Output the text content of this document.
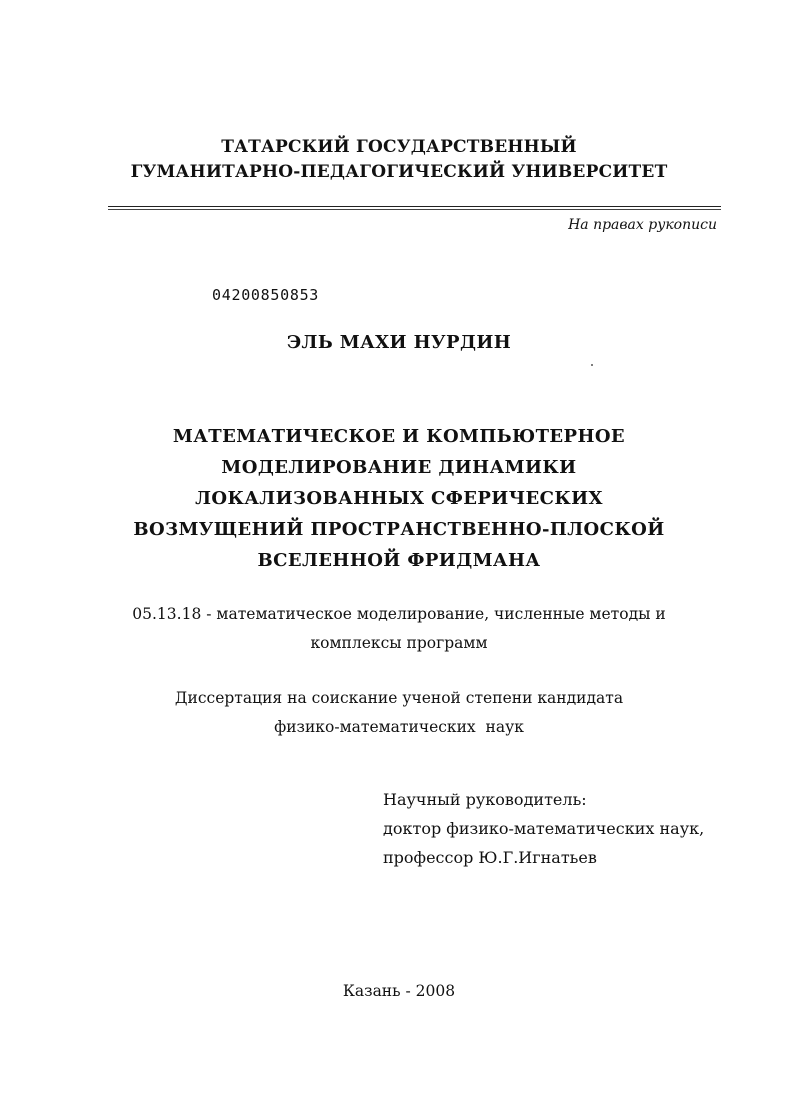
ТАТАРСКИЙ ГОСУДАРСТВЕННЫЙ
ГУМАНИТАРНО-ПЕДАГОГИЧЕСКИЙ УНИВЕРСИТЕТ
На правах рукописи
04200850853
ЭЛЬ МАХИ НУРДИН
МАТЕМАТИЧЕСКОЕ И КОМПЬЮТЕРНОЕ
МОДЕЛИРОВАНИЕ ДИНАМИКИ
ЛОКАЛИЗОВАННЫХ СФЕРИЧЕСКИХ
ВОЗМУЩЕНИЙ ПРОСТРАНСТВЕННО-ПЛОСКОЙ
ВСЕЛЕННОЙ ФРИДМАНА
05.13.18 - математическое моделирование, численные методы и
комплексы программ
Диссертация на соискание ученой степени кандидата
физико-математических  наук
Научный руководитель:
доктор физико-математических наук,
профессор Ю.Г.Игнатьев
Казань - 2008
